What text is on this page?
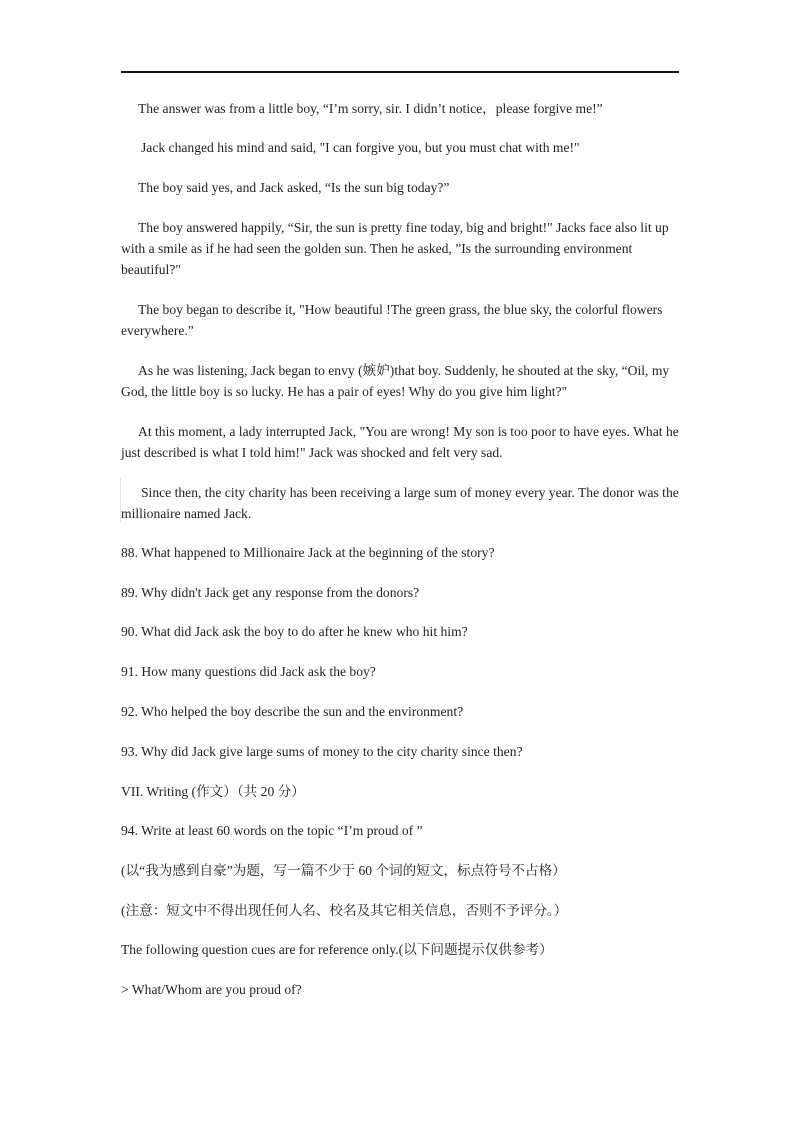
The answer was from a little boy, “I’m sorry, sir. I didn’t notice，please forgive me!”
Jack changed his mind and said, "I can forgive you, but you must chat with me!"
The boy said yes, and Jack asked, “Is the sun big today?”
The boy answered happily, “Sir, the sun is pretty fine today, big and bright!" Jacks face also lit up
with a smile as if he had seen the golden sun. Then he asked, ”Is the surrounding environment
beautiful?"
The boy began to describe it, "How beautiful !The green grass, the blue sky, the colorful flowers
everywhere.”
As he was listening, Jack began to envy (嫉妒)that boy. Suddenly, he shouted at the sky, “Oil, my
God, the little boy is so lucky. He has a pair of eyes! Why do you give him light?"
At this moment, a lady interrupted Jack, "You are wrong! My son is too poor to have eyes. What he
just described is what I told him!" Jack was shocked and felt very sad.
Since then, the city charity has been receiving a large sum of money every year. The donor was the
millionaire named Jack.
88. What happened to Millionaire Jack at the beginning of the story?
89. Why didn't Jack get any response from the donors?
90. What did Jack ask the boy to do after he knew who hit him?
91. How many questions did Jack ask the boy?
92. Who helped the boy describe the sun and the environment?
93. Why did Jack give large sums of money to the city charity since then?
VII. Writing (作文）（共 20 分）
94. Write at least 60 words on the topic “I’m proud of ”
(以“我为感到自豪”为题，写一篇不少于 60 个词的短文，标点符号不占格）
(注意：短文中不得出现任何人名、校名及其它相关信息，否则不予评分。）
The following question cues are for reference only.(以下问题提示仅供参考）
> What/Whom are you proud of?
